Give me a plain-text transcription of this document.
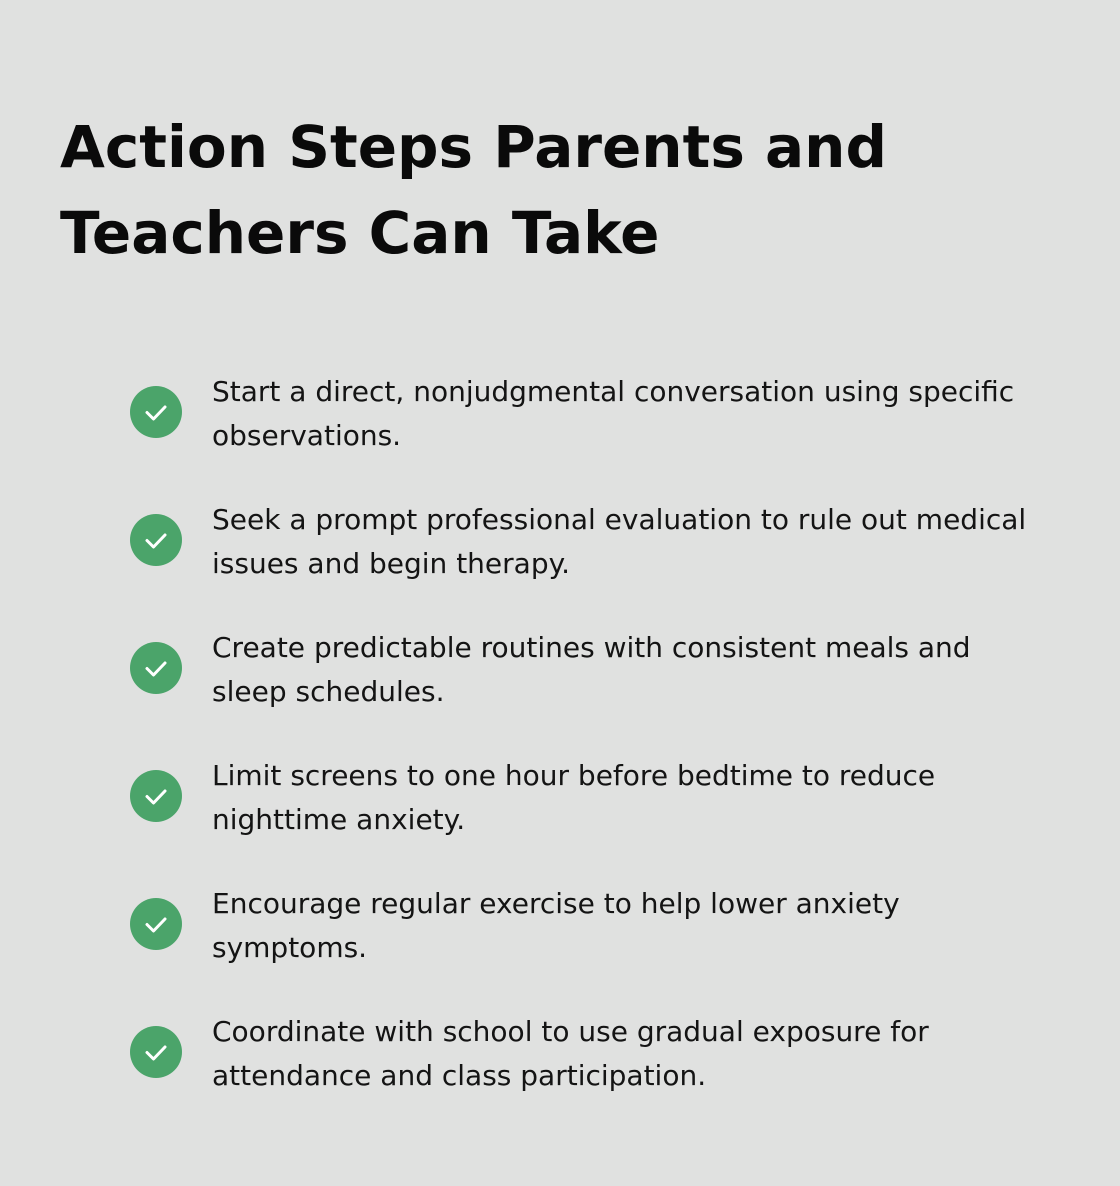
Action Steps Parents and Teachers Can Take
Start a direct, nonjudgmental conversation using specific observations.
Seek a prompt professional evaluation to rule out medical issues and begin therapy.
Create predictable routines with consistent meals and sleep schedules.
Limit screens to one hour before bedtime to reduce nighttime anxiety.
Encourage regular exercise to help lower anxiety symptoms.
Coordinate with school to use gradual exposure for attendance and class participation.
